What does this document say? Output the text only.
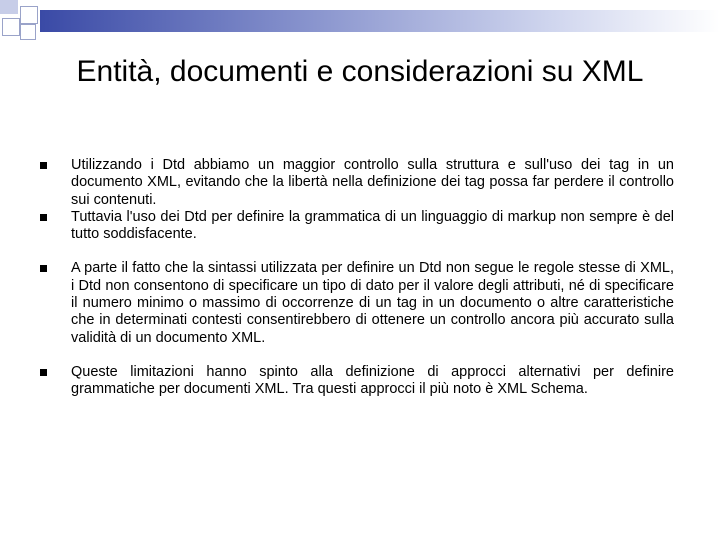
Entità, documenti e considerazioni su XML
Utilizzando i Dtd abbiamo un maggior controllo sulla struttura e sull'uso dei tag in un documento XML, evitando che la libertà nella definizione dei tag possa far perdere il controllo sui contenuti.
Tuttavia l'uso dei Dtd per definire la grammatica di un linguaggio di markup non sempre è del tutto soddisfacente.
A parte il fatto che la sintassi utilizzata per definire un Dtd non segue le regole stesse di XML, i Dtd non consentono di specificare un tipo di dato per il valore degli attributi, né di specificare il numero minimo o massimo di occorrenze di un tag in un documento o altre caratteristiche che in determinati contesti consentirebbero di ottenere un controllo ancora più accurato sulla validità di un documento XML.
Queste limitazioni hanno spinto alla definizione di approcci alternativi per definire grammatiche per documenti XML. Tra questi approcci il più noto è XML Schema.
